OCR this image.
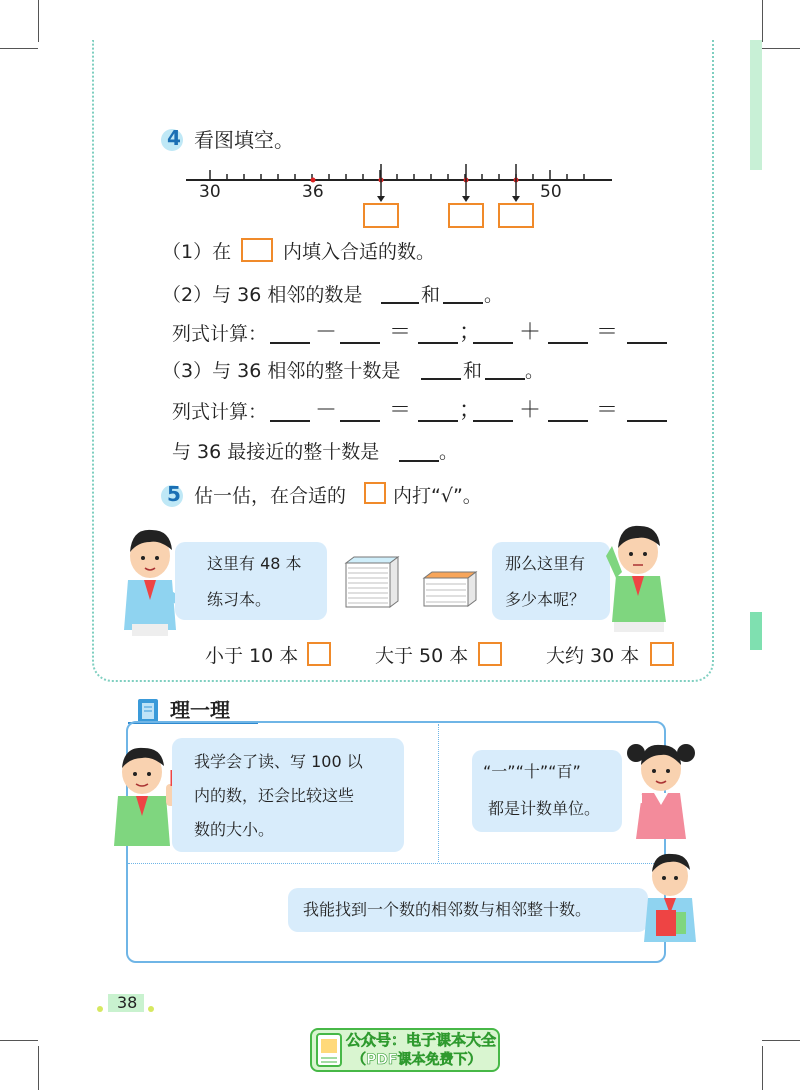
4 看图填空。
30	36	50
（1）在	内填入合适的数。
（2）与 36 相邻的数是	和 。
列式计算： － ＝ ； ＋ ＝
（3）与 36 相邻的整十数是	和 。
列式计算： － ＝ ； ＋ ＝
与 36 最接近的整十数是	。
5 估一估，在合适的 内打“√”。
这里有 48 本
练习本。
那么这里有
多少本呢？
小于 10 本	大于 50 本	大约 30 本
理一理
我学会了读、写 100 以
内的数，还会比较这些
数的大小。
“一”“十”“百”
都是计数单位。
我能找到一个数的相邻数与相邻整十数。
38
公众号：电子课本大全
（PDF课本免费下）
